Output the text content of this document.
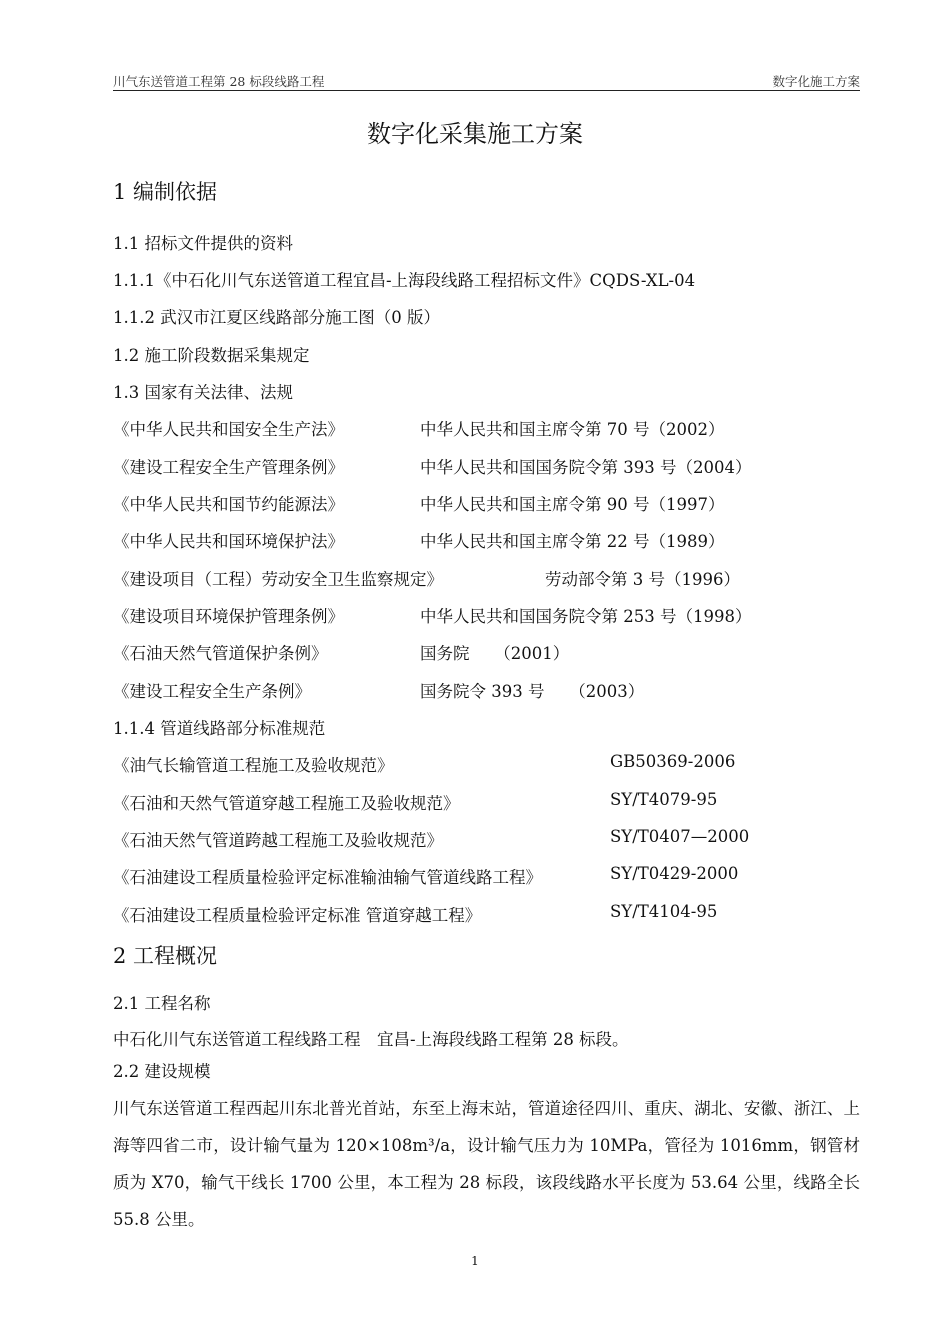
川气东送管道工程第 28 标段线路工程	数字化施工方案
数字化采集施工方案
1 编制依据
1.1 招标文件提供的资料
1.1.1《中石化川气东送管道工程宜昌-上海段线路工程招标文件》CQDS-XL-04
1.1.2 武汉市江夏区线路部分施工图（0 版）
1.2 施工阶段数据采集规定
1.3 国家有关法律、法规
《中华人民共和国安全生产法》	中华人民共和国主席令第 70 号（2002）
《建设工程安全生产管理条例》	中华人民共和国国务院令第 393 号（2004）
《中华人民共和国节约能源法》	中华人民共和国主席令第 90 号（1997）
《中华人民共和国环境保护法》	中华人民共和国主席令第 22 号（1989）
《建设项目（工程）劳动安全卫生监察规定》	劳动部令第 3 号（1996）
《建设项目环境保护管理条例》	中华人民共和国国务院令第 253 号（1998）
《石油天然气管道保护条例》	国务院　　（2001）
《建设工程安全生产条例》	国务院令 393 号　　（2003）
1.1.4 管道线路部分标准规范
《油气长输管道工程施工及验收规范》	GB50369-2006
《石油和天然气管道穿越工程施工及验收规范》	SY/T4079-95
《石油天然气管道跨越工程施工及验收规范》	SY/T0407—2000
《石油建设工程质量检验评定标准输油输气管道线路工程》	SY/T0429-2000
《石油建设工程质量检验评定标准 管道穿越工程》	SY/T4104-95
2 工程概况
2.1 工程名称
中石化川气东送管道工程线路工程　宜昌-上海段线路工程第 28 标段。
2.2 建设规模
川气东送管道工程西起川东北普光首站，东至上海末站，管道途径四川、重庆、湖北、安徽、浙江、上海等四省二市，设计输气量为 120×108m³/a，设计输气压力为 10MPa，管径为 1016mm，钢管材质为 X70，输气干线长 1700 公里，本工程为 28 标段，该段线路水平长度为 53.64 公里，线路全长 55.8 公里。
1
